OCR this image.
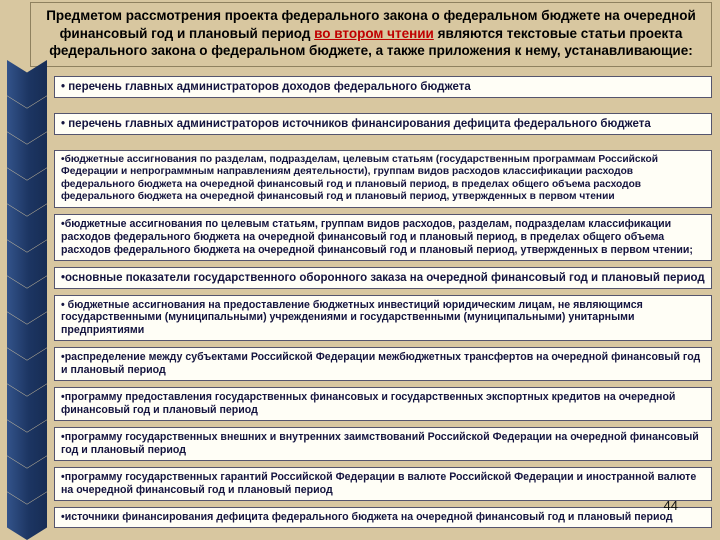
Предметом рассмотрения проекта федерального закона о федеральном бюджете на очередной финансовый год и плановый период во втором чтении являются текстовые статьи проекта федерального закона о федеральном бюджете, а также приложения к нему, устанавливающие:
• перечень главных администраторов доходов федерального бюджета
• перечень главных администраторов источников финансирования дефицита федерального бюджета
•бюджетные ассигнования по разделам, подразделам, целевым статьям (государственным программам Российской Федерации и непрограммным направлениям деятельности), группам видов расходов классификации расходов федерального бюджета на очередной финансовый год и плановый период, в пределах общего объема расходов федерального бюджета на очередной финансовый год и плановый период, утвержденных в первом чтении
•бюджетные ассигнования по целевым статьям, группам видов расходов, разделам, подразделам классификации расходов федерального бюджета на очередной финансовый год и плановый период, в пределах общего объема расходов федерального бюджета на очередной финансовый год и плановый период, утвержденных в первом чтении;
•основные показатели государственного оборонного заказа на очередной финансовый год и плановый период
• бюджетные ассигнования на предоставление бюджетных инвестиций юридическим лицам, не являющимся государственными (муниципальными) учреждениями и государственными (муниципальными) унитарными предприятиями
•распределение между субъектами Российской Федерации межбюджетных трансфертов на очередной финансовый год и плановый период
•программу предоставления государственных финансовых и государственных экспортных кредитов на очередной финансовый год и плановый период
•программу государственных внешних и внутренних заимствований Российской Федерации на очередной финансовый год и плановый период
•программу государственных гарантий Российской Федерации в валюте Российской Федерации и иностранной валюте на очередной финансовый год и плановый период
•источники финансирования дефицита федерального бюджета на очередной финансовый год и плановый период
44
